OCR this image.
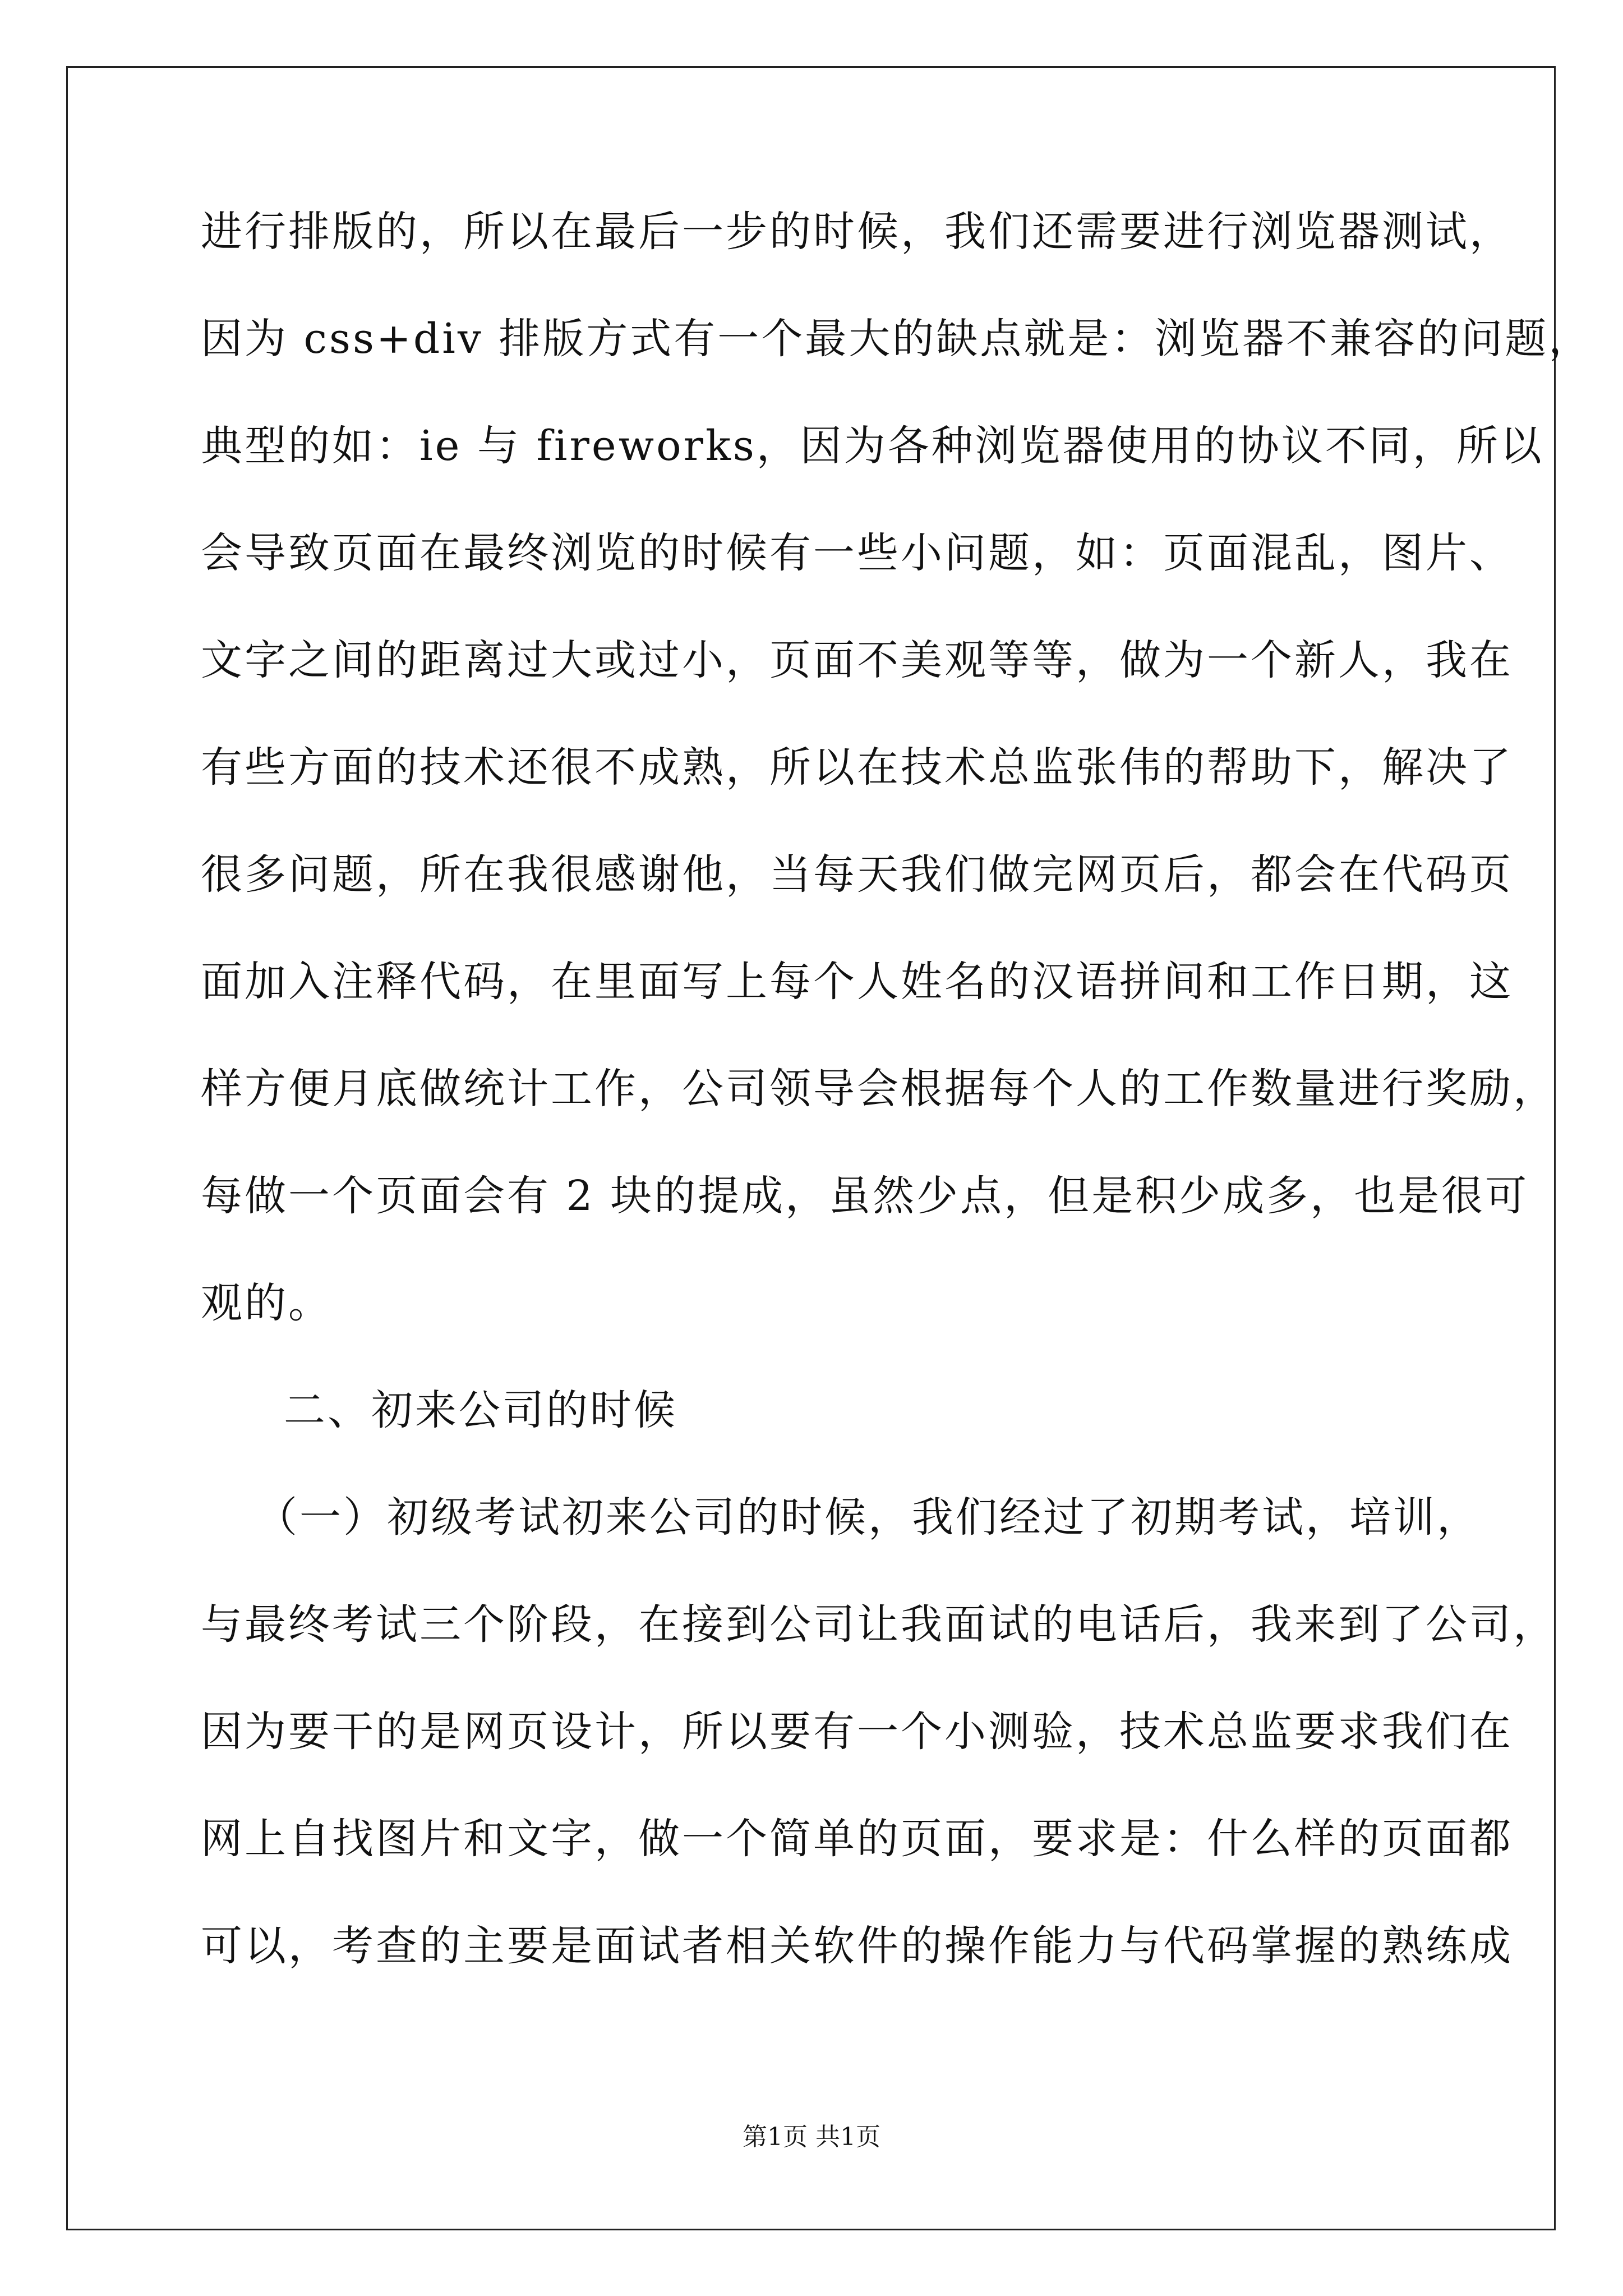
进行排版的，所以在最后一步的时候，我们还需要进行浏览器测试，
因为 css+div 排版方式有一个最大的缺点就是：浏览器不兼容的问题，
典型的如：ie 与 fireworks，因为各种浏览器使用的协议不同，所以
会导致页面在最终浏览的时候有一些小问题，如：页面混乱，图片、
文字之间的距离过大或过小，页面不美观等等，做为一个新人，我在
有些方面的技术还很不成熟，所以在技术总监张伟的帮助下，解决了
很多问题，所在我很感谢他，当每天我们做完网页后，都会在代码页
面加入注释代码，在里面写上每个人姓名的汉语拼间和工作日期，这
样方便月底做统计工作，公司领导会根据每个人的工作数量进行奖励，
每做一个页面会有 2 块的提成，虽然少点，但是积少成多，也是很可
观的。
二、初来公司的时候
（一）初级考试初来公司的时候，我们经过了初期考试，培训，
与最终考试三个阶段，在接到公司让我面试的电话后，我来到了公司，
因为要干的是网页设计，所以要有一个小测验，技术总监要求我们在
网上自找图片和文字，做一个简单的页面，要求是：什么样的页面都
可以，考查的主要是面试者相关软件的操作能力与代码掌握的熟练成
第1页 共1页
